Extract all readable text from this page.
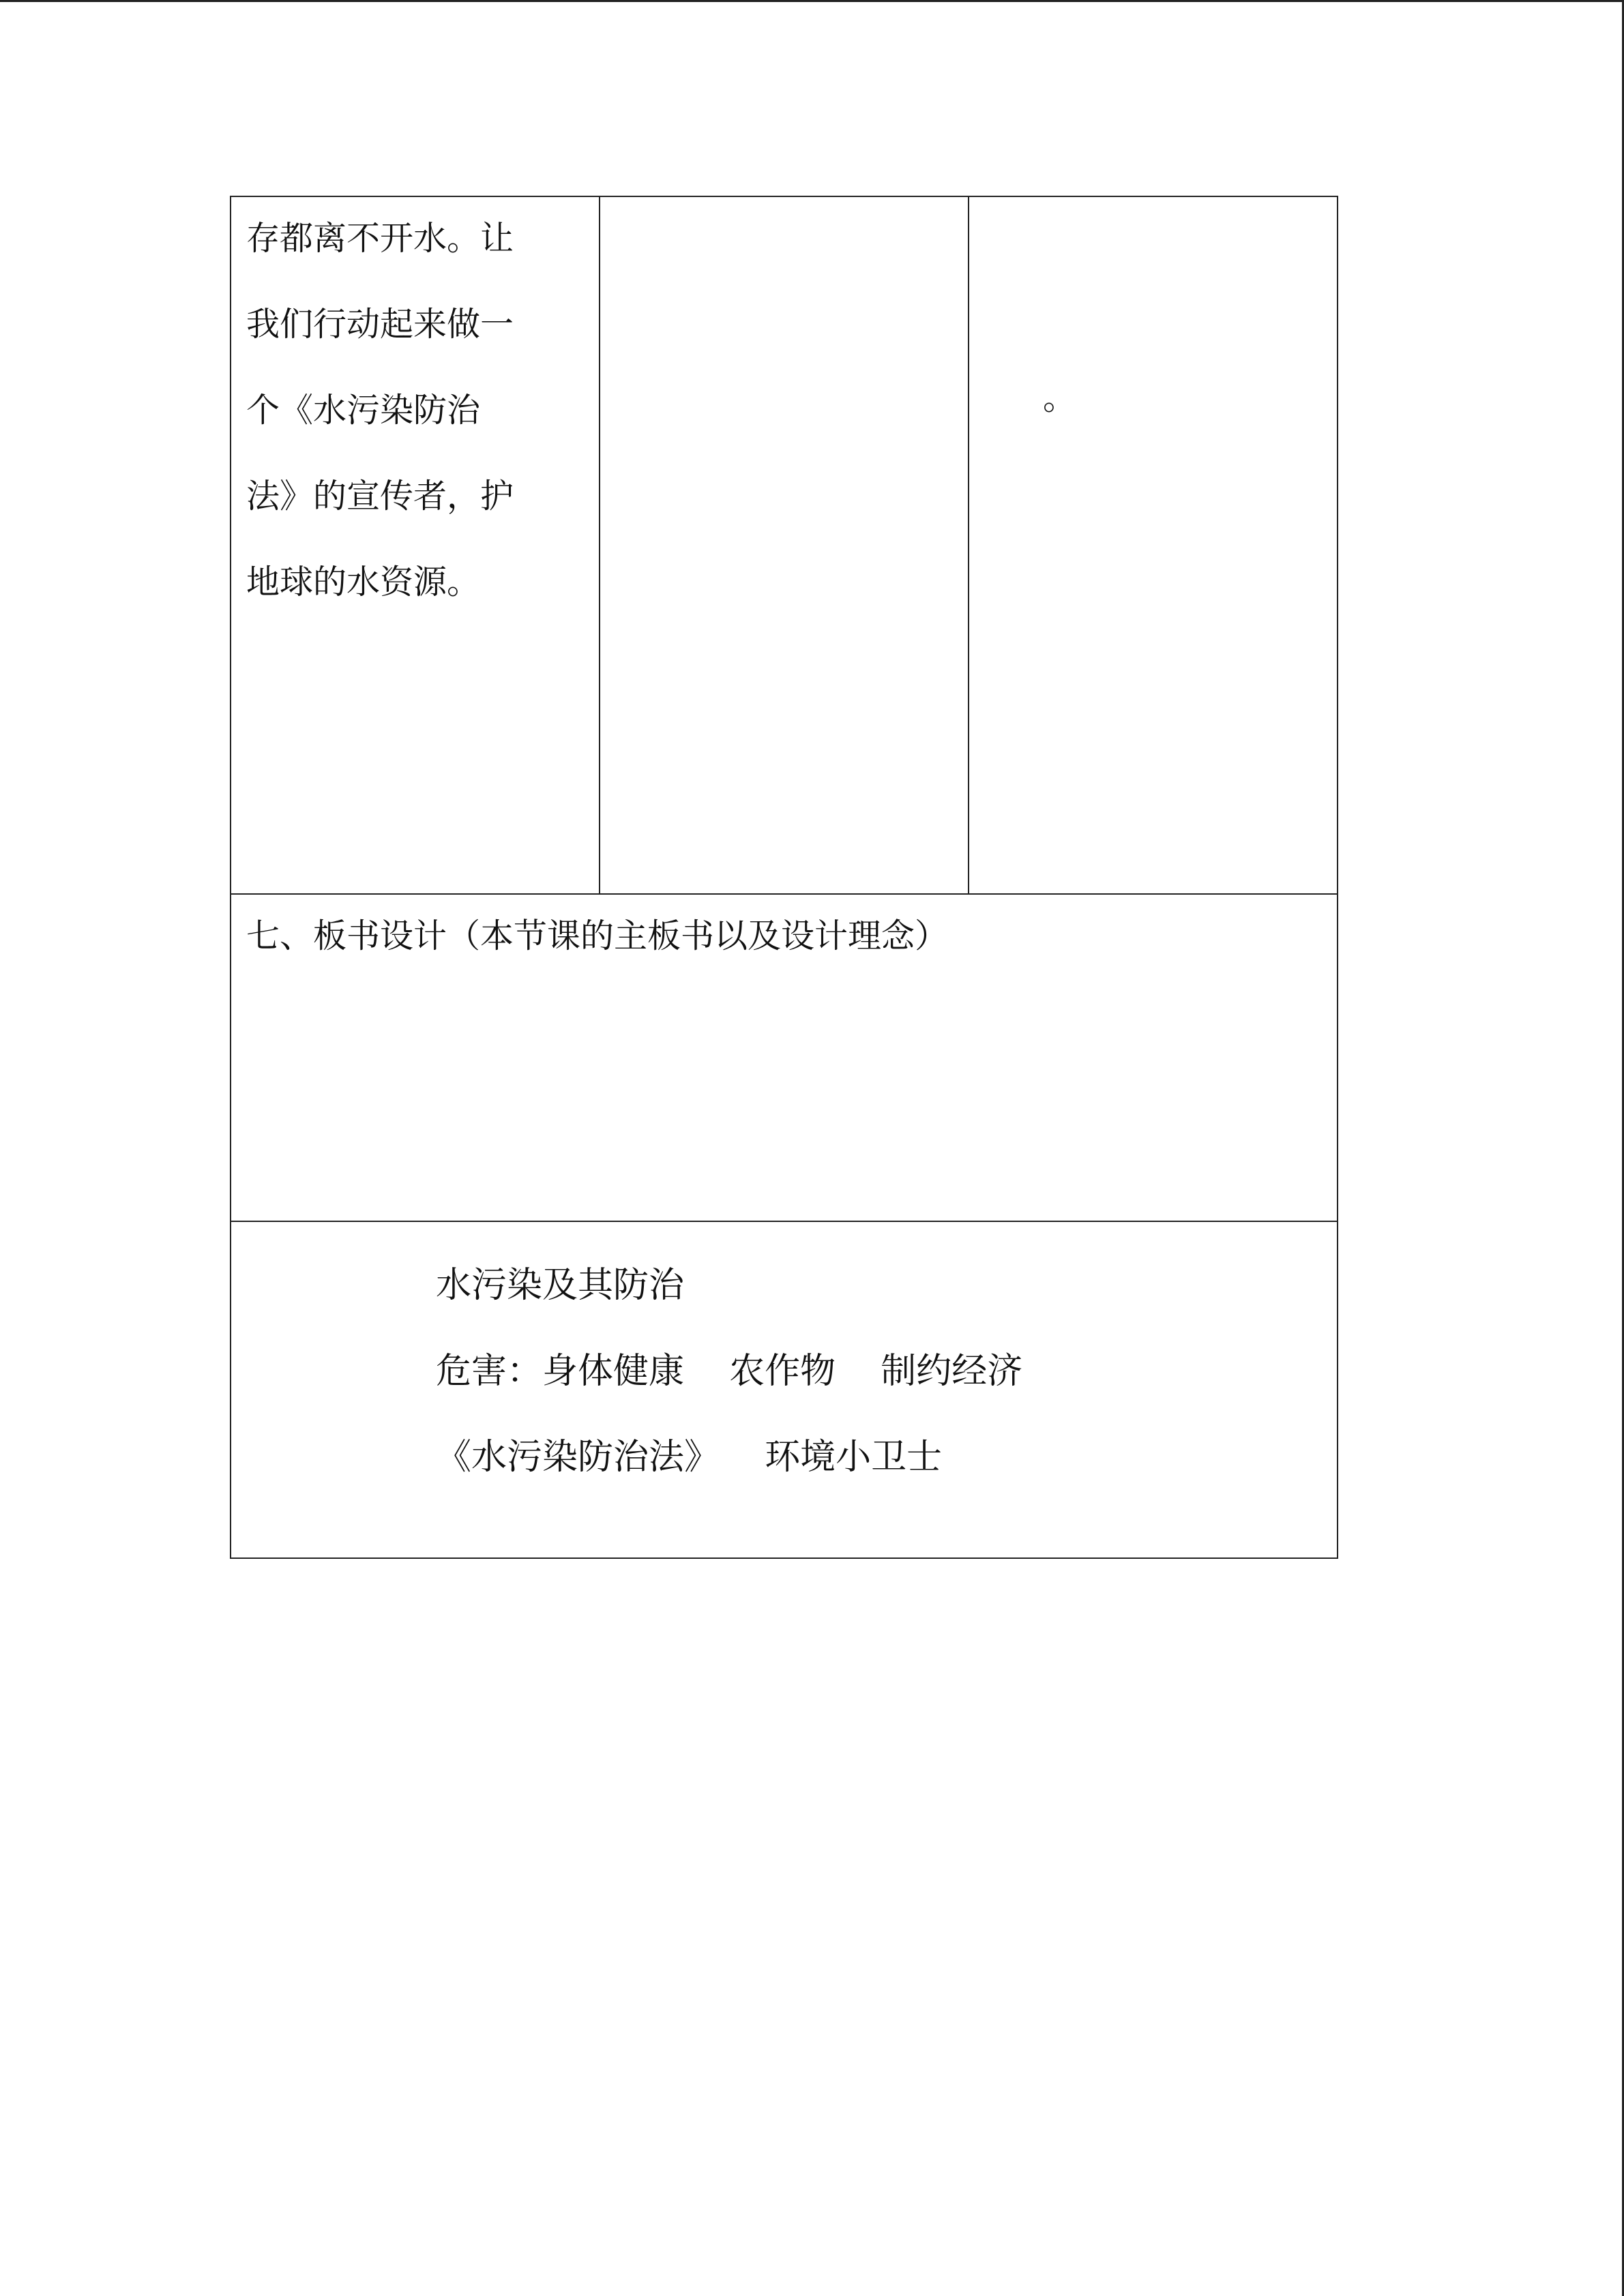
存都离不开水。让
我们行动起来做一
个《水污染防治
法》的宣传者，护
地球的水资源。

。

七、板书设计（本节课的主板书以及设计理念）

水污染及其防治
危害：身体健康    农作物    制约经济
《水污染防治法》    环境小卫士
